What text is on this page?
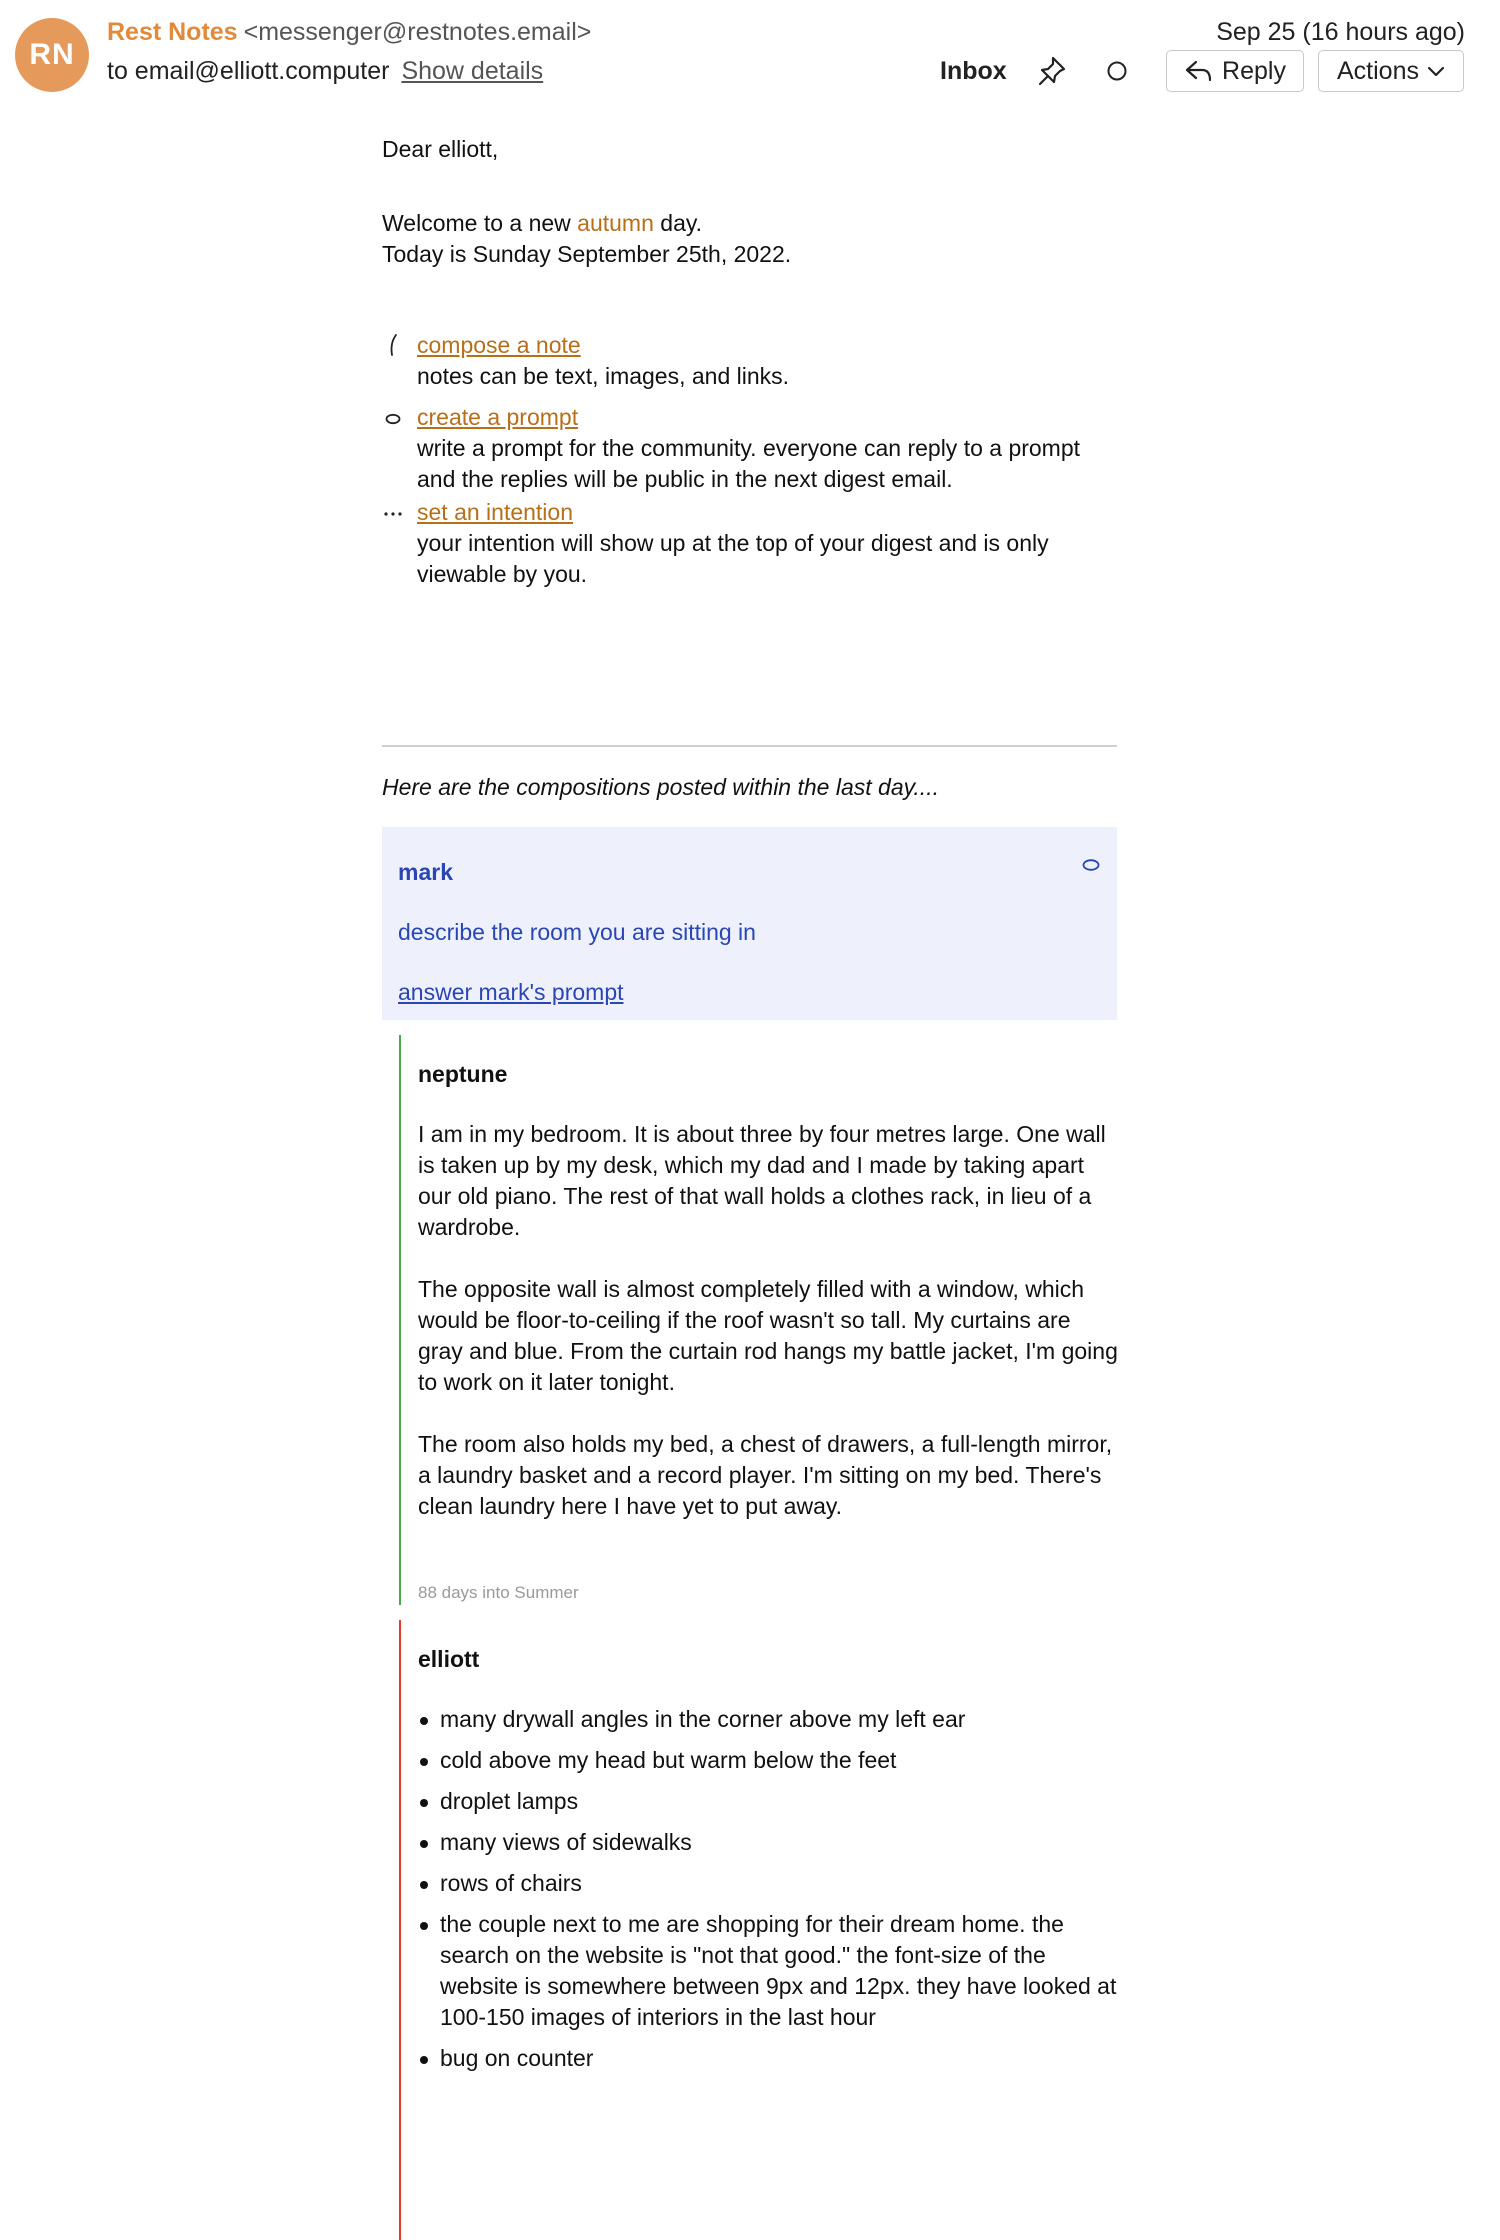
RN
Rest Notes <messenger@restnotes.email>
to email@elliott.computer Show details
Sep 25 (16 hours ago)
Inbox	Reply Actions
Dear elliott,
Welcome to a new autumn day.
Today is Sunday September 25th, 2022.
compose a note
notes can be text, images, and links.
create a prompt
write a prompt for the community. everyone can reply to a prompt and the replies will be public in the next digest email.
set an intention
your intention will show up at the top of your digest and is only viewable by you.
Here are the compositions posted within the last day....
mark
describe the room you are sitting in
answer mark's prompt
neptune

I am in my bedroom. It is about three by four metres large. One wall is taken up by my desk, which my dad and I made by taking apart our old piano. The rest of that wall holds a clothes rack, in lieu of a wardrobe.

The opposite wall is almost completely filled with a window, which would be floor-to-ceiling if the roof wasn't so tall. My curtains are gray and blue. From the curtain rod hangs my battle jacket, I'm going to work on it later tonight.

The room also holds my bed, a chest of drawers, a full-length mirror, a laundry basket and a record player. I'm sitting on my bed. There's clean laundry here I have yet to put away.

88 days into Summer
elliott
many drywall angles in the corner above my left ear
cold above my head but warm below the feet
droplet lamps
many views of sidewalks
rows of chairs
the couple next to me are shopping for their dream home. the search on the website is "not that good." the font-size of the website is somewhere between 9px and 12px. they have looked at 100-150 images of interiors in the last hour
bug on counter
